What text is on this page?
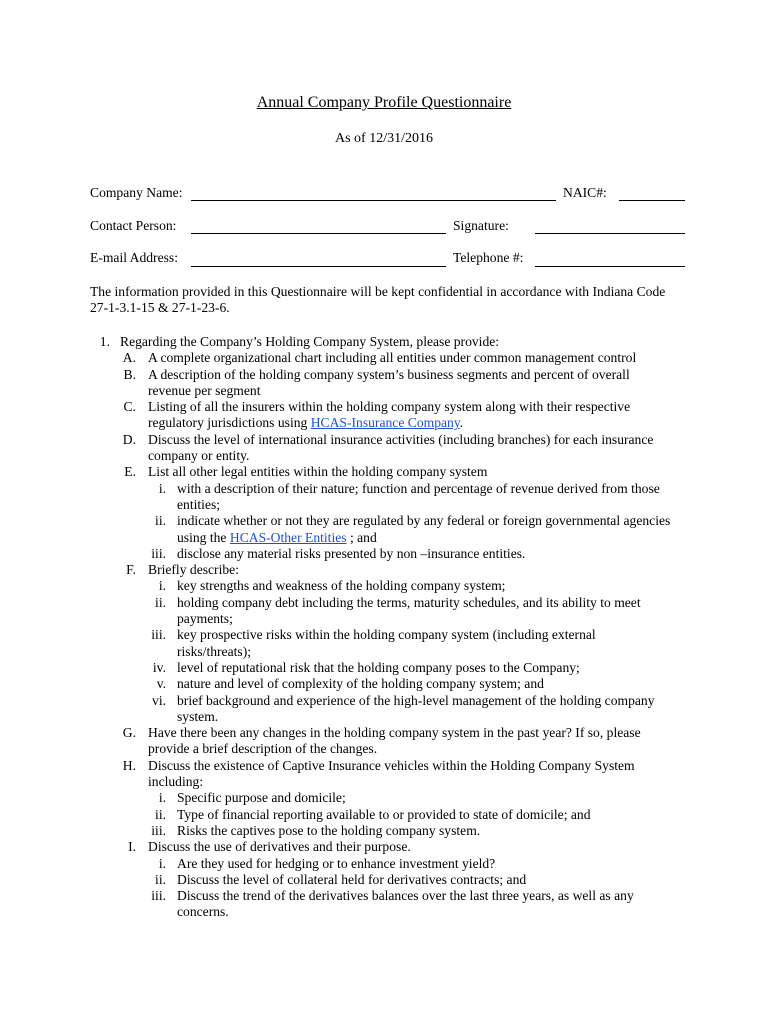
Annual Company Profile Questionnaire
As of 12/31/2016
Company Name:	NAIC#:
Contact Person:	Signature:
E-mail Address:	Telephone #:
The information provided in this Questionnaire will be kept confidential in accordance with Indiana Code
27-1-3.1-15 & 27-1-23-6.
1. Regarding the Company’s Holding Company System, please provide:
A. A complete organizational chart including all entities under common management control
B. A description of the holding company system’s business segments and percent of overall
revenue per segment
C. Listing of all the insurers within the holding company system along with their respective
regulatory jurisdictions using HCAS-Insurance Company.
D. Discuss the level of international insurance activities (including branches) for each insurance
company or entity.
E. List all other legal entities within the holding company system
i. with a description of their nature; function and percentage of revenue derived from those
entities;
ii. indicate whether or not they are regulated by any federal or foreign governmental agencies
using the HCAS-Other Entities ; and
iii. disclose any material risks presented by non –insurance entities.
F. Briefly describe:
i. key strengths and weakness of the holding company system;
ii. holding company debt including the terms, maturity schedules, and its ability to meet
payments;
iii. key prospective risks within the holding company system (including external
risks/threats);
iv. level of reputational risk that the holding company poses to the Company;
v. nature and level of complexity of the holding company system; and
vi. brief background and experience of the high-level management of the holding company
system.
G. Have there been any changes in the holding company system in the past year? If so, please
provide a brief description of the changes.
H. Discuss the existence of Captive Insurance vehicles within the Holding Company System
including:
i. Specific purpose and domicile;
ii. Type of financial reporting available to or provided to state of domicile; and
iii. Risks the captives pose to the holding company system.
I. Discuss the use of derivatives and their purpose.
i. Are they used for hedging or to enhance investment yield?
ii. Discuss the level of collateral held for derivatives contracts; and
iii. Discuss the trend of the derivatives balances over the last three years, as well as any
concerns.
